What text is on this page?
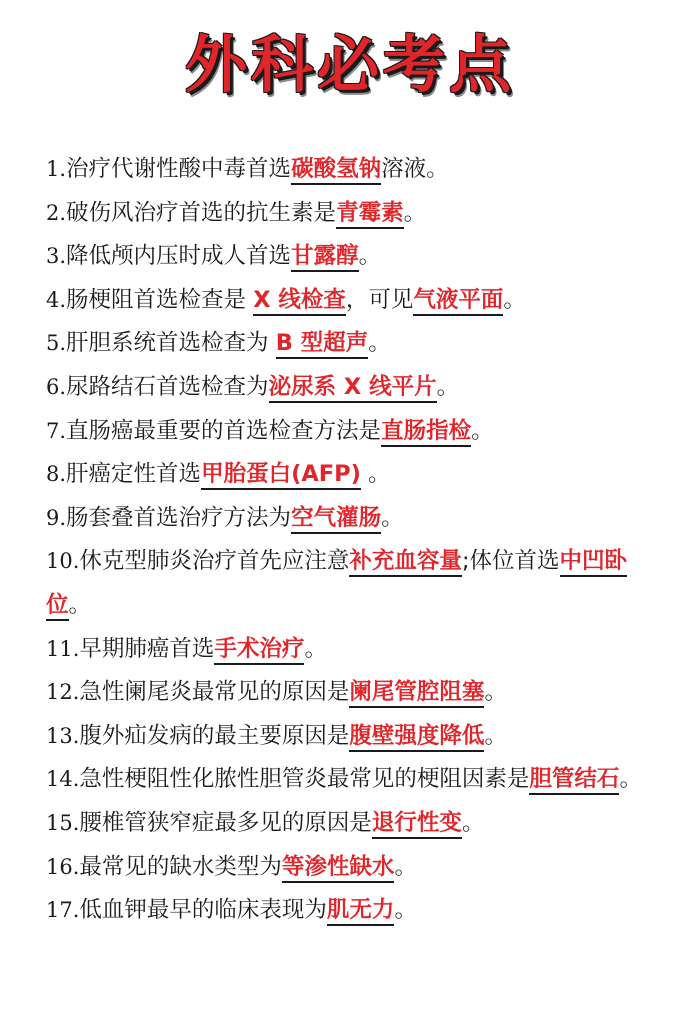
外科必考点

1.治疗代谢性酸中毒首选碳酸氢钠溶液。

2.破伤风治疗首选的抗生素是青霉素。

3.降低颅内压时成人首选甘露醇。

4.肠梗阻首选检查是 X 线检查，可见气液平面。

5.肝胆系统首选检查为 B 型超声。

6.尿路结石首选检查为泌尿系 X 线平片。

7.直肠癌最重要的首选检查方法是直肠指检。

8.肝癌定性首选甲胎蛋白(AFP) 。

9.肠套叠首选治疗方法为空气灌肠。

10.休克型肺炎治疗首先应注意补充血容量;体位首选中凹卧位。

11.早期肺癌首选手术治疗。

12.急性阑尾炎最常见的原因是阑尾管腔阻塞。

13.腹外疝发病的最主要原因是腹壁强度降低。

14.急性梗阻性化脓性胆管炎最常见的梗阻因素是胆管结石。

15.腰椎管狭窄症最多见的原因是退行性变。

16.最常见的缺水类型为等渗性缺水。

17.低血钾最早的临床表现为肌无力。
